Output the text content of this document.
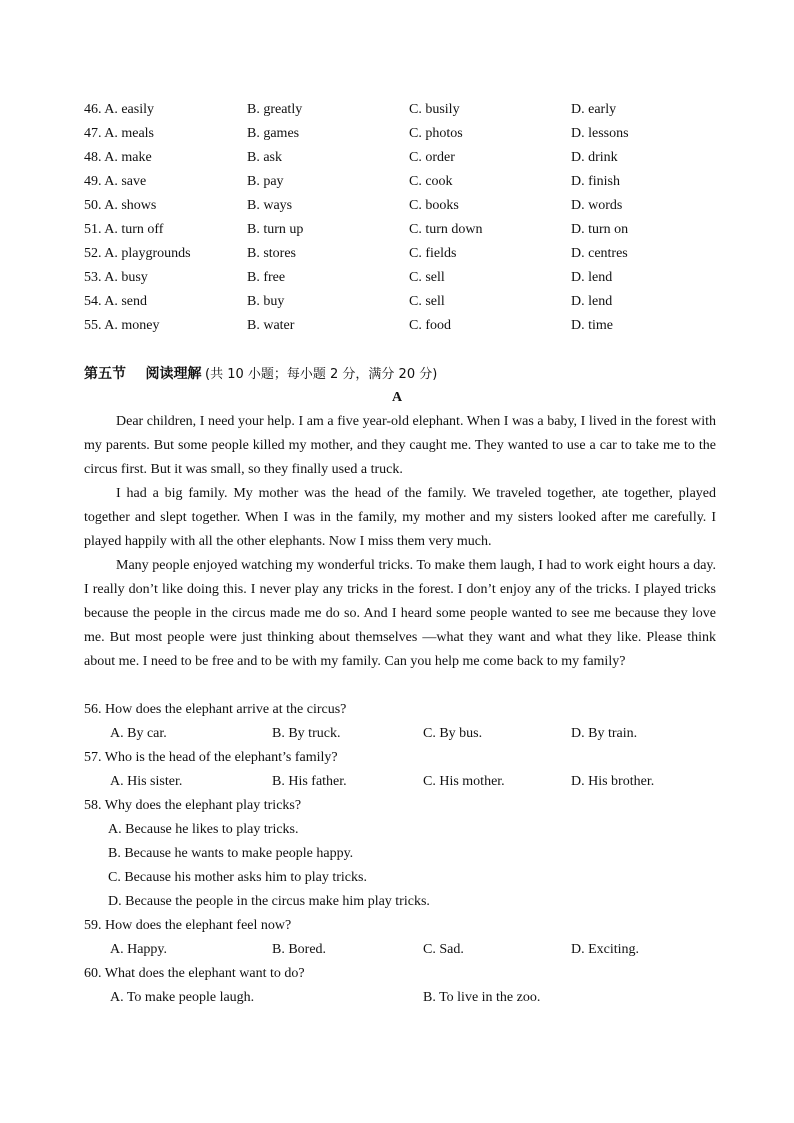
46. A. easily	B. greatly	C. busily	D. early
47. A. meals	B. games	C. photos	D. lessons
48. A. make	B. ask	C. order	D. drink
49. A. save	B. pay	C. cook	D. finish
50. A. shows	B. ways	C. books	D. words
51. A. turn off	B. turn up	C. turn down	D. turn on
52. A. playgrounds	B. stores	C. fields	D. centres
53. A. busy	B. free	C. sell	D. lend
54. A. send	B. buy	C. sell	D. lend
55. A. money	B. water	C. food	D. time
第五节 阅读理解 (共 10 小题；每小题 2 分，满分 20 分)
A

Dear children, I need your help. I am a five year-old elephant. When I was a baby, I lived in the forest with my parents. But some people killed my mother, and they caught me. They wanted to use a car to take me to the circus first. But it was small, so they finally used a truck.

I had a big family. My mother was the head of the family. We traveled together, ate together, played together and slept together. When I was in the family, my mother and my sisters looked after me carefully. I played happily with all the other elephants. Now I miss them very much.

Many people enjoyed watching my wonderful tricks. To make them laugh, I had to work eight hours a day. I really don’t like doing this. I never play any tricks in the forest. I don’t enjoy any of the tricks. I played tricks because the people in the circus made me do so. And I heard some people wanted to see me because they love me. But most people were just thinking about themselves —what they want and what they like. Please think about me. I need to be free and to be with my family. Can you help me come back to my family?

56. How does the elephant arrive at the circus?
A. By car.	B. By truck.	C. By bus.	D. By train.
57. Who is the head of the elephant’s family?
A. His sister.	B. His father.	C. His mother.	D. His brother.
58. Why does the elephant play tricks?
A. Because he likes to play tricks.
B. Because he wants to make people happy.
C. Because his mother asks him to play tricks.
D. Because the people in the circus make him play tricks.
59. How does the elephant feel now?
A. Happy.	B. Bored.	C. Sad.	D. Exciting.
60. What does the elephant want to do?
A. To make people laugh.	B. To live in the zoo.
